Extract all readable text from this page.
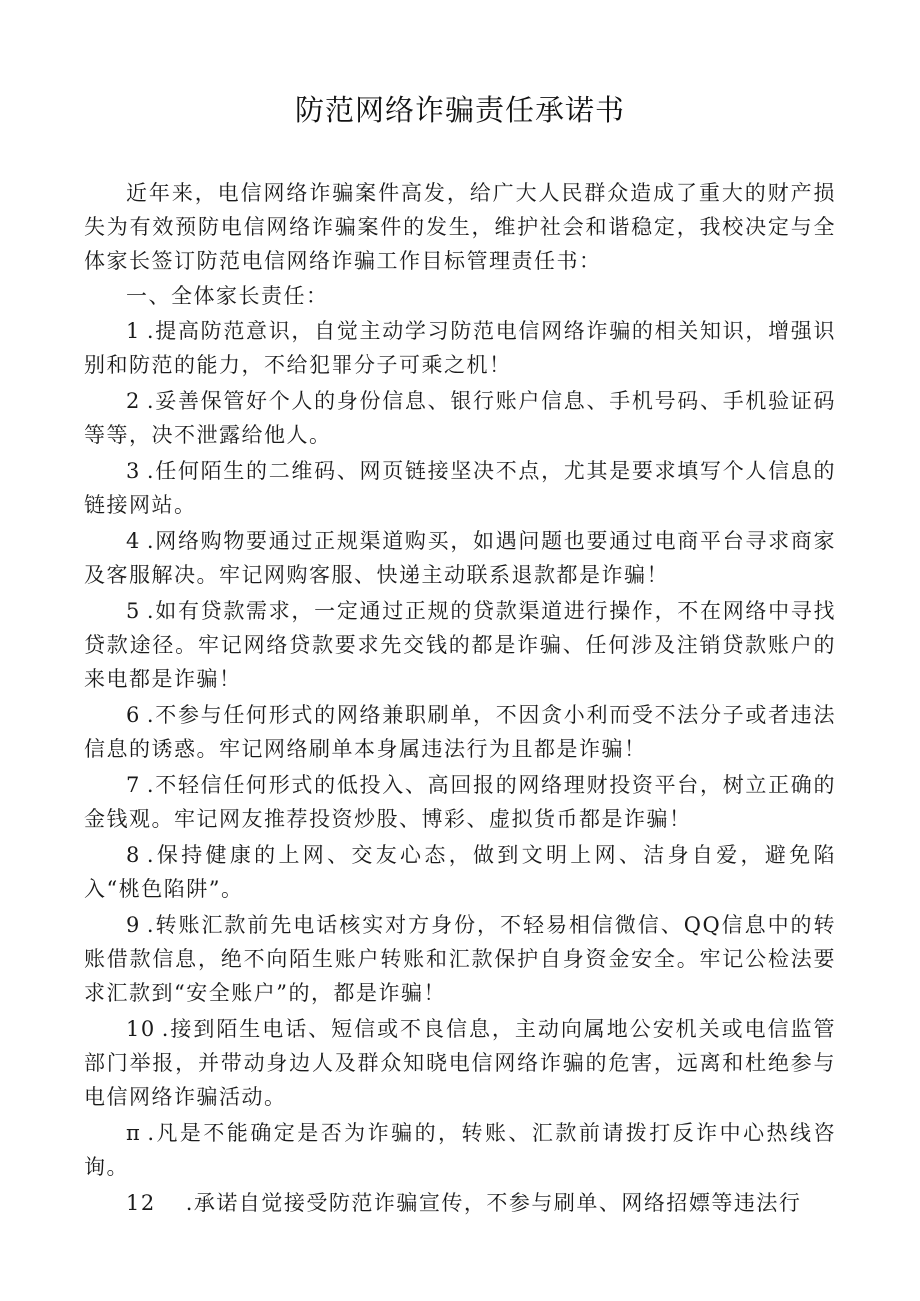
防范网络诈骗责任承诺书

近年来，电信网络诈骗案件高发，给广大人民群众造成了重大的财产损失为有效预防电信网络诈骗案件的发生，维护社会和谐稳定，我校决定与全体家长签订防范电信网络诈骗工作目标管理责任书：

一、全体家长责任：

1 .提高防范意识，自觉主动学习防范电信网络诈骗的相关知识，增强识别和防范的能力，不给犯罪分子可乘之机！

2 .妥善保管好个人的身份信息、银行账户信息、手机号码、手机验证码等等，决不泄露给他人。

3 .任何陌生的二维码、网页链接坚决不点，尤其是要求填写个人信息的链接网站。

4 .网络购物要通过正规渠道购买，如遇问题也要通过电商平台寻求商家及客服解决。牢记网购客服、快递主动联系退款都是诈骗！

5 .如有贷款需求，一定通过正规的贷款渠道进行操作，不在网络中寻找贷款途径。牢记网络贷款要求先交钱的都是诈骗、任何涉及注销贷款账户的来电都是诈骗！

6 .不参与任何形式的网络兼职刷单，不因贪小利而受不法分子或者违法信息的诱惑。牢记网络刷单本身属违法行为且都是诈骗！

7 .不轻信任何形式的低投入、高回报的网络理财投资平台，树立正确的金钱观。牢记网友推荐投资炒股、博彩、虚拟货币都是诈骗！

8 .保持健康的上网、交友心态，做到文明上网、洁身自爱，避免陷入“桃色陷阱”。

9 .转账汇款前先电话核实对方身份，不轻易相信微信、QQ信息中的转账借款信息，绝不向陌生账户转账和汇款保护自身资金安全。牢记公检法要求汇款到“安全账户”的，都是诈骗！

10 .接到陌生电话、短信或不良信息，主动向属地公安机关或电信监管部门举报，并带动身边人及群众知晓电信网络诈骗的危害，远离和杜绝参与电信网络诈骗活动。

π .凡是不能确定是否为诈骗的，转账、汇款前请拨打反诈中心热线咨询。

12 .承诺自觉接受防范诈骗宣传，不参与刷单、网络招嫖等违法行
